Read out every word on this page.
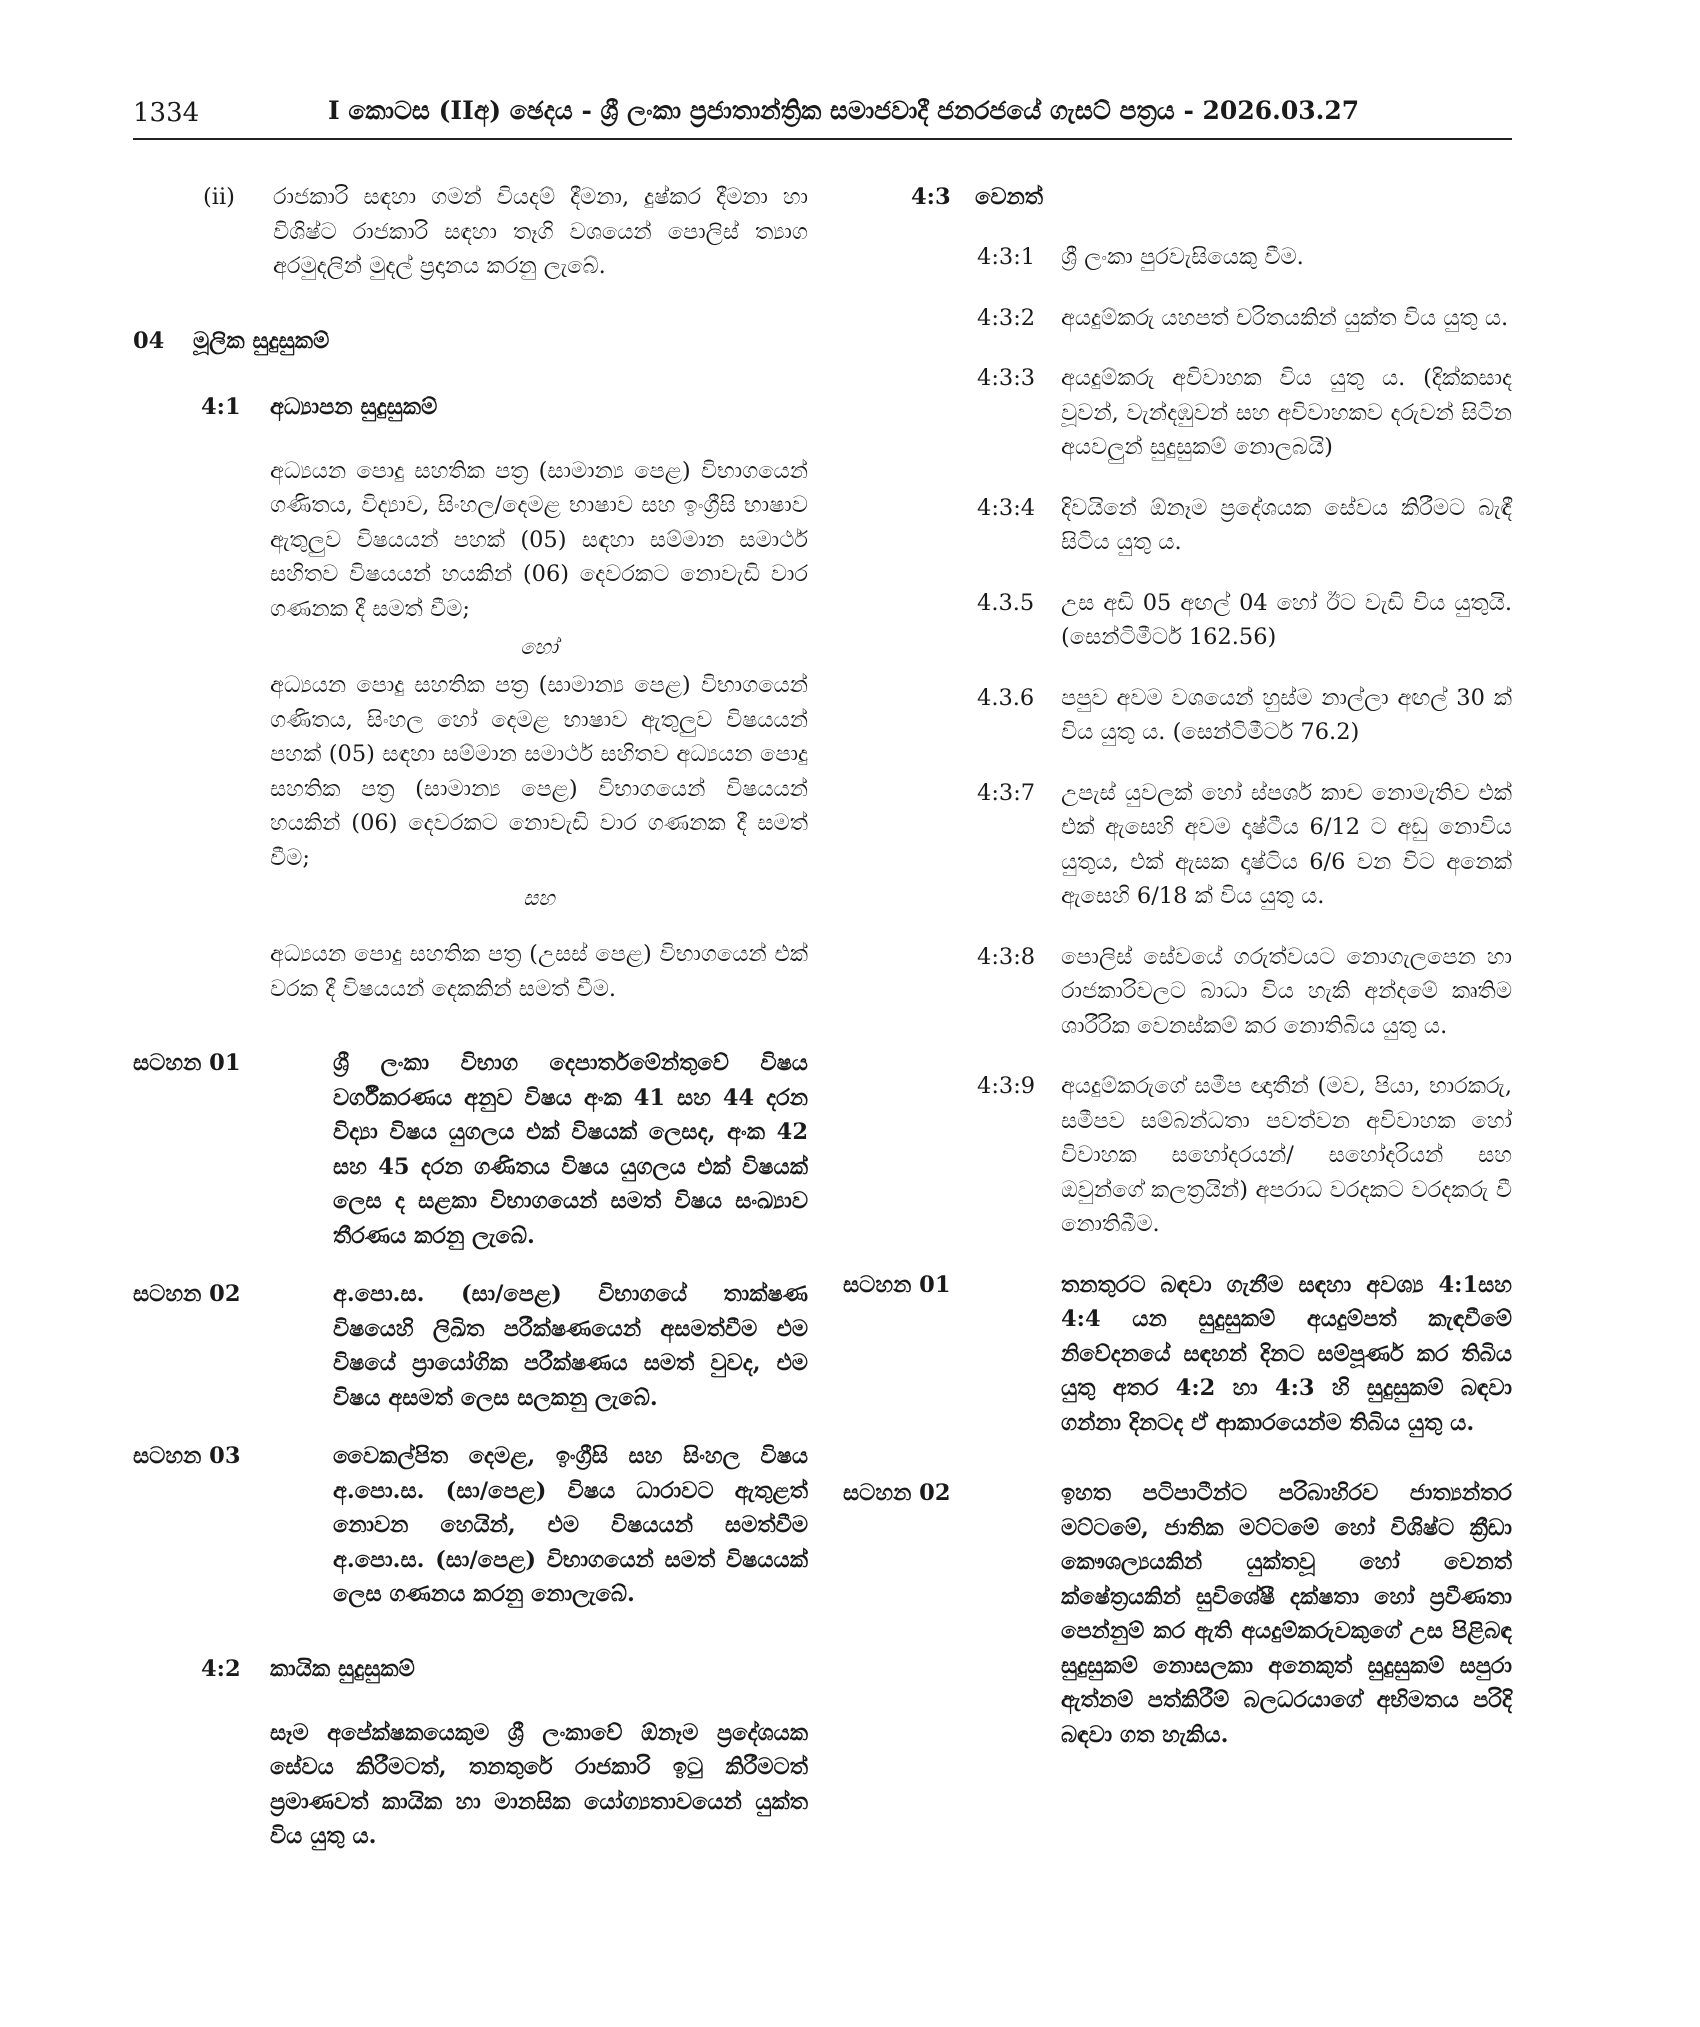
1334	I කොටස (IIඅ) ඡෙදය - ශ්‍රී ලංකා ප්‍රජාතාන්ත්‍රික සමාජවාදී ජනරජයේ ගැසට් පත්‍රය - 2026.03.27
(ii) රාජකාරි සඳහා ගමන් වියදම් දීමනා, දුෂ්කර දීමනා හා විශිෂ්ට රාජකාරි සඳහා තෑගි වශයෙන් පොලිස් ත්‍යාග අරමුදලින් මුදල් ප්‍රදානය කරනු ලැබේ.

04 මූලික සුදුසුකම්
4:1 අධ්‍යාපන සුදුසුකම්

අධ්‍යයන පොදු සහතික පත්‍ර (සාමාන්‍ය පෙළ) විභාගයෙන් ගණිතය, විද්‍යාව, සිංහල/දෙමළ භාෂාව සහ ඉංග්‍රීසි භාෂාව ඇතුලුව විෂයයන් පහක් (05) සඳහා සම්මාන සමාර්ථ සහිතව විෂයයන් හයකින් (06) දෙවරකට නොවැඩි වාර ගණනක දී සමත් වීම;

හෝ

අධ්‍යයන පොදු සහතික පත්‍ර (සාමාන්‍ය පෙළ) විභාගයෙන් ගණිතය, සිංහල හෝ දෙමළ භාෂාව ඇතුලුව විෂයයන් පහක් (05) සඳහා සම්මාන සමාර්ථ සහිතව අධ්‍යයන පොදු සහතික පත්‍ර (සාමාන්‍ය පෙළ) විභාගයෙන් විෂයයන් හයකින් (06) දෙවරකට නොවැඩි වාර ගණනක දී සමත් වීම;

සහ

අධ්‍යයන පොදු සහතික පත්‍ර (උසස් පෙළ) විභාගයෙන් එක් වරක දී විෂයයන් දෙකකින් සමත් වීම.

සටහන 01	ශ්‍රී ලංකා විභාග දෙපාර්තමේන්තුවේ විෂය වර්ගීකරණය අනුව විෂය අංක 41 සහ 44 දරන විද්‍යා විෂය යුගලය එක් විෂයක් ලෙසද, අංක 42 සහ 45 දරන ගණිතය විෂය යුගලය එක් විෂයක් ලෙස ද සළකා විභාගයෙන් සමත් විෂය සංඛ්‍යාව තීරණය කරනු ලැබේ.

සටහන 02	අ.පො.ස. (සා/පෙළ) විභාගයේ තාක්ෂණ විෂයෙහි ලිඛිත පරීක්ෂණයෙන් අසමත්වීම එම විෂයේ ප්‍රායෝගික පරීක්ෂණය සමත් වුවද, එම විෂය අසමත් ලෙස සලකනු ලැබේ.

සටහන 03	වෛකල්පිත දෙමළ, ඉංග්‍රීසි සහ සිංහල විෂය අ.පො.ස. (සා/පෙළ) විෂය ධාරාවට ඇතුළත් නොවන හෙයින්, එම විෂයයන් සමත්වීම අ.පො.ස. (සා/පෙළ) විභාගයෙන් සමත් විෂයයක් ලෙස ගණනය කරනු නොලැබේ.

4:2 කායික සුදුසුකම්

සෑම අපේක්ෂකයෙකුම ශ්‍රී ලංකාවේ ඕනෑම ප්‍රදේශයක සේවය කිරීමටත්, තනතුරේ රාජකාරි ඉටු කිරීමටත් ප්‍රමාණවත් කායික හා මානසික යෝග්‍යතාවයෙන් යුක්ත විය යුතු ය.

4:3 වෙනත්
4:3:1 ශ්‍රී ලංකා පුරවැසියෙකු වීම.

4:3:2 අයදුම්කරු යහපත් චරිතයකින් යුක්ත විය යුතු ය.

4:3:3 අයදුම්කරු අවිවාහක විය යුතු ය. (දික්කසාද වූවන්, වැන්දඹුවන් සහ අවිවාහකව දරුවන් සිටින අයවලුන් සුදුසුකම් නොලබයි)

4:3:4 දිවයිනේ ඕනෑම ප්‍රදේශයක සේවය කිරීමට බැඳී සිටිය යුතු ය.

4.3.5 උස අඩි 05 අඟල් 04 හෝ ඊට වැඩි විය යුතුයි. (සෙන්ටිමීටර් 162.56)

4.3.6 පපුව අවම වශයෙන් හුස්ම නාල්ලා අඟල් 30 ක් විය යුතු ය. (සෙන්ටිමීටර් 76.2)

4:3:7 උපැස් යුවලක් හෝ ස්පර්ශ කාච නොමැතිව එක් එක් ඇසෙහි අවම දෘෂ්ටීය 6/12 ට අඩු නොවිය යුතුය, එක් ඇසක දෘෂ්ටිය 6/6 වන විට අනෙක් ඇසෙහි 6/18 ක් විය යුතු ය.

4:3:8 පොලිස් සේවයේ ගරුත්වයට නොගැලපෙන හා රාජකාරිවලට බාධා විය හැකි අන්දමේ කෘතිම ශාරීරික වෙනස්කම් කර නොතිබිය යුතු ය.

4:3:9 අයදුම්කරුගේ සමීප ඥාතීන් (මව, පියා, භාරකරු, සමීපව සම්බන්ධතා පවත්වන අවිවාහක හෝ විවාහක සහෝදරයන්/ සහෝදරියන් සහ ඔවුන්ගේ කලත්‍රයින්) අපරාධ වරදකට වරදකරු වී නොතිබීම.

සටහන 01	තනතුරට බඳවා ගැනීම සඳහා අවශ්‍ය 4:1සහ 4:4 යන සුදුසුකම් අයදුම්පත් කැඳවීමේ නිවේදනයේ සඳහන් දිනට සම්පූර්ණ කර තිබිය යුතු අතර 4:2 හා 4:3 හි සුදුසුකම් බඳවා ගන්නා දිනටද ඒ ආකාරයෙන්ම තිබිය යුතු ය.

සටහන 02	ඉහත පටිපාටීන්ට පරිබාහිරව ජාත්‍යන්තර මට්ටමේ, ජාතික මට්ටමේ හෝ විශිෂ්ට ක්‍රීඩා කෞශල්‍යයකින් යුක්තවූ හෝ වෙනත් ක්ෂේත්‍රයකින් සුවිශේෂී දක්ෂතා හෝ ප්‍රවීණතා පෙන්නුම් කර ඇති අයදුම්කරුවකුගේ උස පිළිබඳ සුදුසුකම් නොසලකා අනෙකුත් සුදුසුකම් සපුරා ඇත්නම් පත්කිරීම් බලධරයාගේ අභිමතය පරිදි බඳවා ගත හැකිය.
